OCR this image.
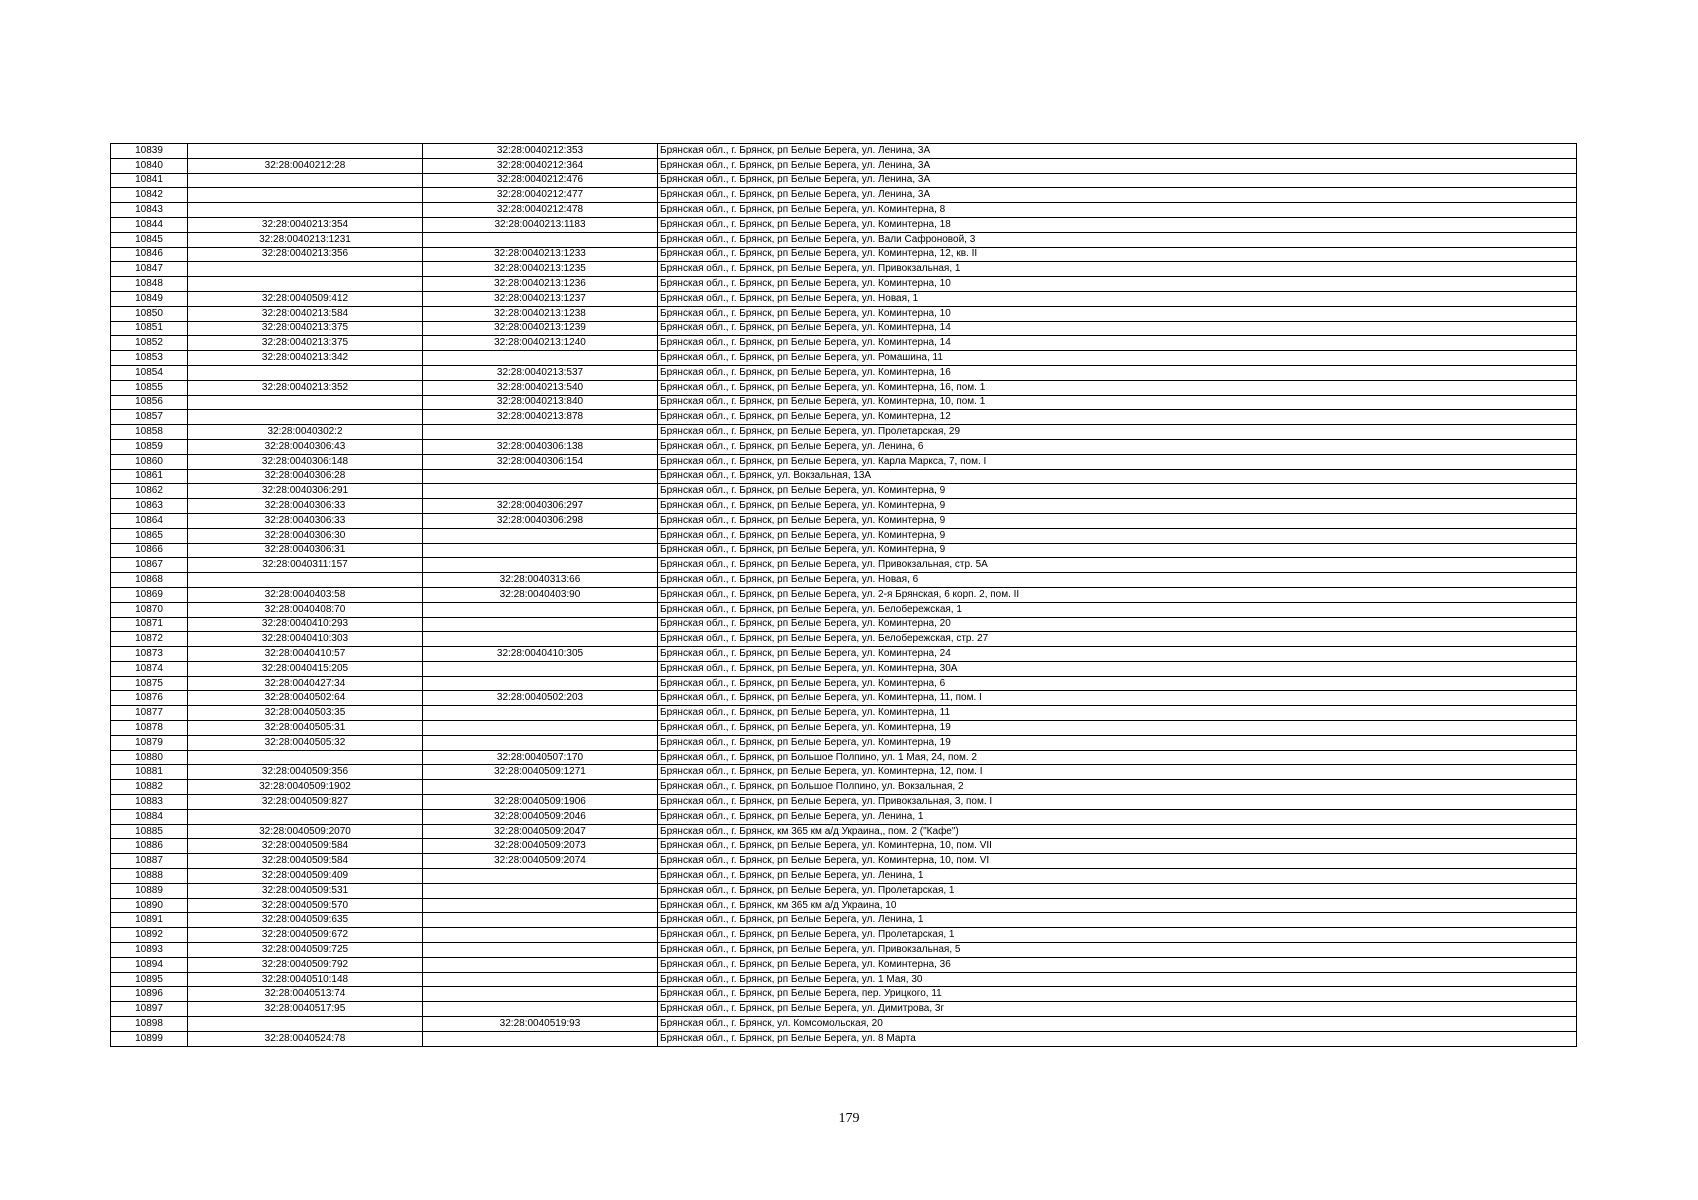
10839		32:28:0040212:353	Брянская обл., г. Брянск, рп Белые Берега, ул. Ленина, 3А
10840	32:28:0040212:28	32:28:0040212:364	Брянская обл., г. Брянск, рп Белые Берега, ул. Ленина, 3А
10841		32:28:0040212:476	Брянская обл., г. Брянск, рп Белые Берега, ул. Ленина, 3А
10842		32:28:0040212:477	Брянская обл., г. Брянск, рп Белые Берега, ул. Ленина, 3А
10843		32:28:0040212:478	Брянская обл., г. Брянск, рп Белые Берега, ул. Коминтерна, 8
10844	32:28:0040213:354	32:28:0040213:1183	Брянская обл., г. Брянск, рп Белые Берега, ул. Коминтерна, 18
10845	32:28:0040213:1231		Брянская обл., г. Брянск, рп Белые Берега, ул. Вали Сафроновой, 3
10846	32:28:0040213:356	32:28:0040213:1233	Брянская обл., г. Брянск, рп Белые Берега, ул. Коминтерна, 12, кв. II
10847		32:28:0040213:1235	Брянская обл., г. Брянск, рп Белые Берега, ул. Привокзальная, 1
10848		32:28:0040213:1236	Брянская обл., г. Брянск, рп Белые Берега, ул. Коминтерна, 10
10849	32:28:0040509:412	32:28:0040213:1237	Брянская обл., г. Брянск, рп Белые Берега, ул. Новая, 1
10850	32:28:0040213:584	32:28:0040213:1238	Брянская обл., г. Брянск, рп Белые Берега, ул. Коминтерна, 10
10851	32:28:0040213:375	32:28:0040213:1239	Брянская обл., г. Брянск, рп Белые Берега, ул. Коминтерна, 14
10852	32:28:0040213:375	32:28:0040213:1240	Брянская обл., г. Брянск, рп Белые Берега, ул. Коминтерна, 14
10853	32:28:0040213:342		Брянская обл., г. Брянск, рп Белые Берега, ул. Ромашина, 11
10854		32:28:0040213:537	Брянская обл., г. Брянск, рп Белые Берега, ул. Коминтерна, 16
10855	32:28:0040213:352	32:28:0040213:540	Брянская обл., г. Брянск, рп Белые Берега, ул. Коминтерна, 16, пом. 1
10856		32:28:0040213:840	Брянская обл., г. Брянск, рп Белые Берега, ул. Коминтерна, 10, пом. 1
10857		32:28:0040213:878	Брянская обл., г. Брянск, рп Белые Берега, ул. Коминтерна, 12
10858	32:28:0040302:2		Брянская обл., г. Брянск, рп Белые Берега, ул. Пролетарская, 29
10859	32:28:0040306:43	32:28:0040306:138	Брянская обл., г. Брянск, рп Белые Берега, ул. Ленина, 6
10860	32:28:0040306:148	32:28:0040306:154	Брянская обл., г. Брянск, рп Белые Берега, ул. Карла Маркса, 7, пом. I
10861	32:28:0040306:28		Брянская обл., г. Брянск, ул. Вокзальная, 13А
10862	32:28:0040306:291		Брянская обл., г. Брянск, рп Белые Берега, ул. Коминтерна, 9
10863	32:28:0040306:33	32:28:0040306:297	Брянская обл., г. Брянск, рп Белые Берега, ул. Коминтерна, 9
10864	32:28:0040306:33	32:28:0040306:298	Брянская обл., г. Брянск, рп Белые Берега, ул. Коминтерна, 9
10865	32:28:0040306:30		Брянская обл., г. Брянск, рп Белые Берега, ул. Коминтерна, 9
10866	32:28:0040306:31		Брянская обл., г. Брянск, рп Белые Берега, ул. Коминтерна, 9
10867	32:28:0040311:157		Брянская обл., г. Брянск, рп Белые Берега, ул. Привокзальная, стр. 5А
10868		32:28:0040313:66	Брянская обл., г. Брянск, рп Белые Берега, ул. Новая, 6
10869	32:28:0040403:58	32:28:0040403:90	Брянская обл., г. Брянск, рп Белые Берега, ул. 2-я Брянская, 6 корп. 2, пом. II
10870	32:28:0040408:70		Брянская обл., г. Брянск, рп Белые Берега, ул. Белобережская, 1
10871	32:28:0040410:293		Брянская обл., г. Брянск, рп Белые Берега, ул. Коминтерна, 20
10872	32:28:0040410:303		Брянская обл., г. Брянск, рп Белые Берега, ул. Белобережская, стр. 27
10873	32:28:0040410:57	32:28:0040410:305	Брянская обл., г. Брянск, рп Белые Берега, ул. Коминтерна, 24
10874	32:28:0040415:205		Брянская обл., г. Брянск, рп Белые Берега, ул. Коминтерна, 30А
10875	32:28:0040427:34		Брянская обл., г. Брянск, рп Белые Берега, ул. Коминтерна, 6
10876	32:28:0040502:64	32:28:0040502:203	Брянская обл., г. Брянск, рп Белые Берега, ул. Коминтерна, 11, пом. I
10877	32:28:0040503:35		Брянская обл., г. Брянск, рп Белые Берега, ул. Коминтерна, 11
10878	32:28:0040505:31		Брянская обл., г. Брянск, рп Белые Берега, ул. Коминтерна, 19
10879	32:28:0040505:32		Брянская обл., г. Брянск, рп Белые Берега, ул. Коминтерна, 19
10880		32:28:0040507:170	Брянская обл., г. Брянск, рп Большое Полпино, ул. 1 Мая, 24, пом. 2
10881	32:28:0040509:356	32:28:0040509:1271	Брянская обл., г. Брянск, рп Белые Берега, ул. Коминтерна, 12, пом. I
10882	32:28:0040509:1902		Брянская обл., г. Брянск, рп Большое Полпино, ул. Вокзальная, 2
10883	32:28:0040509:827	32:28:0040509:1906	Брянская обл., г. Брянск, рп Белые Берега, ул. Привокзальная, 3, пом. I
10884		32:28:0040509:2046	Брянская обл., г. Брянск, рп Белые Берега, ул. Ленина, 1
10885	32:28:0040509:2070	32:28:0040509:2047	Брянская обл., г. Брянск, км 365 км а/д Украина,, пом. 2 ("Кафе")
10886	32:28:0040509:584	32:28:0040509:2073	Брянская обл., г. Брянск, рп Белые Берега, ул. Коминтерна, 10, пом. VII
10887	32:28:0040509:584	32:28:0040509:2074	Брянская обл., г. Брянск, рп Белые Берега, ул. Коминтерна, 10, пом. VI
10888	32:28:0040509:409		Брянская обл., г. Брянск, рп Белые Берега, ул. Ленина, 1
10889	32:28:0040509:531		Брянская обл., г. Брянск, рп Белые Берега, ул. Пролетарская, 1
10890	32:28:0040509:570		Брянская обл., г. Брянск, км 365 км а/д Украина, 10
10891	32:28:0040509:635		Брянская обл., г. Брянск, рп Белые Берега, ул. Ленина, 1
10892	32:28:0040509:672		Брянская обл., г. Брянск, рп Белые Берега, ул. Пролетарская, 1
10893	32:28:0040509:725		Брянская обл., г. Брянск, рп Белые Берега, ул. Привокзальная, 5
10894	32:28:0040509:792		Брянская обл., г. Брянск, рп Белые Берега, ул. Коминтерна, 36
10895	32:28:0040510:148		Брянская обл., г. Брянск, рп Белые Берега, ул. 1 Мая, 30
10896	32:28:0040513:74		Брянская обл., г. Брянск, рп Белые Берега, пер. Урицкого, 11
10897	32:28:0040517:95		Брянская обл., г. Брянск, рп Белые Берега, ул. Димитрова, 3г
10898		32:28:0040519:93	Брянская обл., г. Брянск, ул. Комсомольская, 20
10899	32:28:0040524:78		Брянская обл., г. Брянск, рп Белые Берега, ул. 8 Марта
179
